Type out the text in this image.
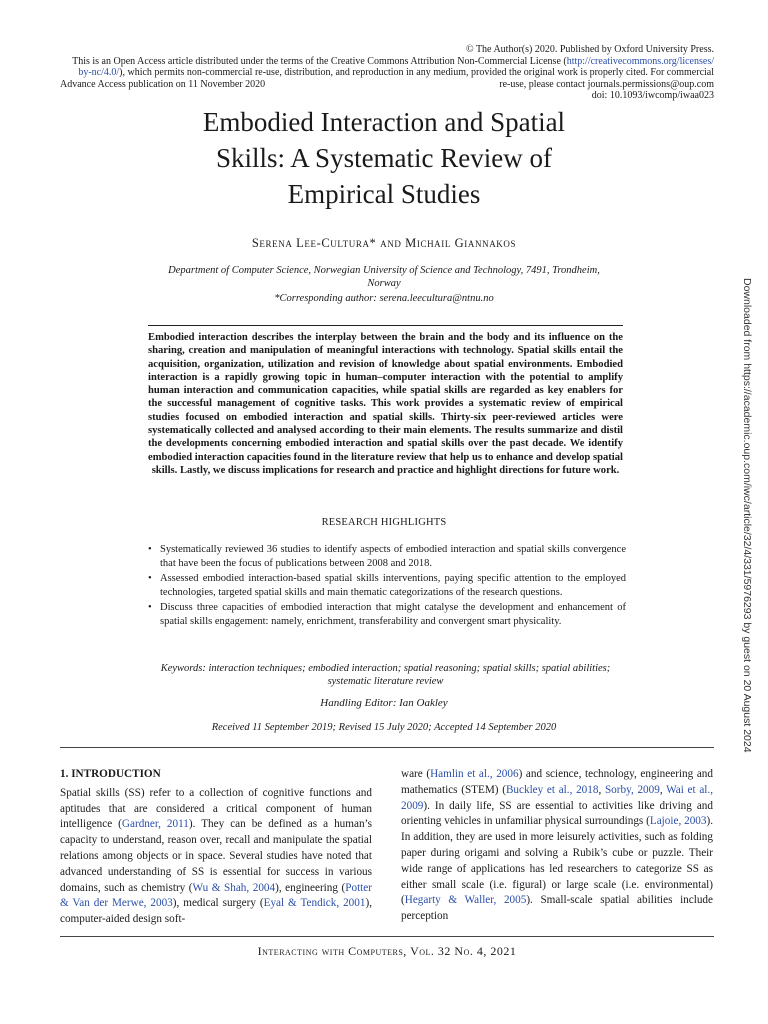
© The Author(s) 2020. Published by Oxford University Press.
This is an Open Access article distributed under the terms of the Creative Commons Attribution Non-Commercial License (http://creativecommons.org/licenses/
by-nc/4.0/), which permits non-commercial re-use, distribution, and reproduction in any medium, provided the original work is properly cited. For commercial
Advance Access publication on 11 November 2020	re-use, please contact journals.permissions@oup.com
doi: 10.1093/iwcomp/iwaa023
Embodied Interaction and Spatial
Skills: A Systematic Review of
Empirical Studies
Serena Lee-Cultura* and Michail Giannakos
Department of Computer Science, Norwegian University of Science and Technology, 7491, Trondheim, Norway
*Corresponding author: serena.leecultura@ntnu.no	Downloaded from https://academic.oup.com/iwc/article/32/4/331/5976293 by guest on 20 August 2024
Embodied interaction describes the interplay between the brain and the body and its influence on the sharing, creation and manipulation of meaningful interactions with technology. Spatial skills entail the acquisition, organization, utilization and revision of knowledge about spatial environments. Embodied interaction is a rapidly growing topic in human–computer interaction with the potential to amplify human interaction and communication capacities, while spatial skills are regarded as key enablers for the successful management of cognitive tasks. This work provides a systematic review of empirical studies focused on embodied interaction and spatial skills. Thirty-six peer-reviewed articles were systematically collected and analysed according to their main elements. The results summarize and distil the developments concerning embodied interaction and spatial skills over the past decade. We identify embodied interaction capacities found in the literature review that help us to enhance and develop spatial skills. Lastly, we discuss implications for research and practice and highlight directions for future work.
RESEARCH HIGHLIGHTS
• Systematically reviewed 36 studies to identify aspects of embodied interaction and spatial skills convergence that have been the focus of publications between 2008 and 2018.
• Assessed embodied interaction-based spatial skills interventions, paying specific attention to the employed technologies, targeted spatial skills and main thematic categorizations of the research questions.
• Discuss three capacities of embodied interaction that might catalyse the development and enhancement of spatial skills engagement: namely, enrichment, transferability and convergent smart physicality.
Keywords: interaction techniques; embodied interaction; spatial reasoning; spatial skills; spatial abilities; systematic literature review
Handling Editor: Ian Oakley
Received 11 September 2019; Revised 15 July 2020; Accepted 14 September 2020
1. INTRODUCTION

Spatial skills (SS) refer to a collection of cognitive functions and aptitudes that are considered a critical component of human intelligence (Gardner, 2011). They can be defined as a human’s capacity to understand, reason over, recall and manipulate the spatial relations among objects or in space. Several studies have noted that advanced understanding of SS is essential for success in various domains, such as chemistry (Wu & Shah, 2004), engineering (Potter & Van der Merwe, 2003), medical surgery (Eyal & Tendick, 2001), computer-aided design soft-

ware (Hamlin et al., 2006) and science, technology, engineering and mathematics (STEM) (Buckley et al., 2018, Sorby, 2009, Wai et al., 2009). In daily life, SS are essential to activities like driving and orienting vehicles in unfamiliar physical surroundings (Lajoie, 2003). In addition, they are used in more leisurely activities, such as folding paper during origami and solving a Rubik’s cube or puzzle. Their wide range of applications has led researchers to categorize SS as either small scale (i.e. figural) or large scale (i.e. environmental) (Hegarty & Waller, 2005). Small-scale spatial abilities include perception

Interacting with Computers, Vol. 32 No. 4, 2021
